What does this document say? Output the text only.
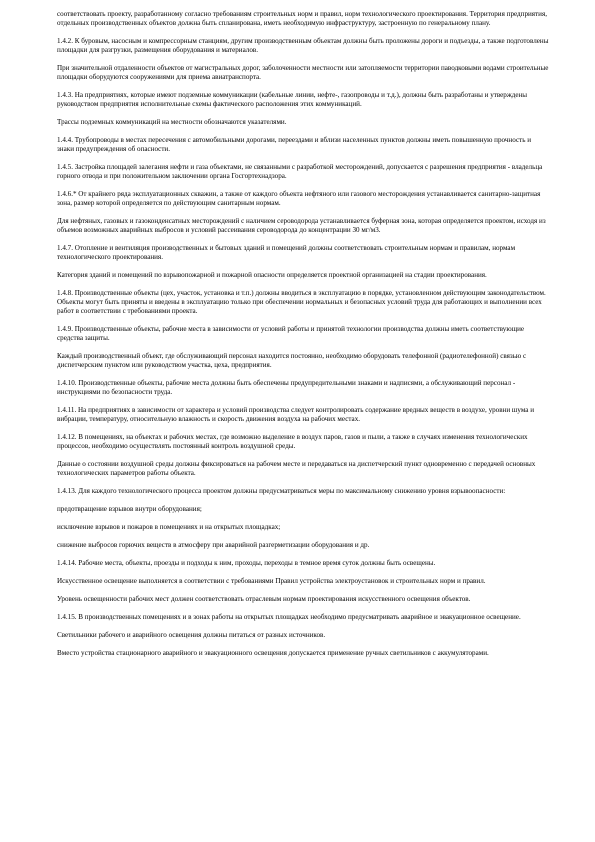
соответствовать проекту, разработанному согласно требованиям строительных норм и правил, норм технологического проектирования. Территория предприятия, отдельных производственных объектов должна быть спланирована, иметь необходимую инфраструктуру, застроенную по генеральному плану.

1.4.2. К буровым, насосным и компрессорным станциям, другим производственным объектам должны быть проложены дороги и подъезды, а также подготовлены площадки для разгрузки, размещения оборудования и материалов.

При значительной отдаленности объектов от магистральных дорог, заболоченности местности или затопляемости территории паводковыми водами строительные площадки оборудуются сооружениями для приема авиатранспорта.

1.4.3. На предприятиях, которые имеют подземные коммуникации (кабельные линии, нефте-, газопроводы и т.д.), должны быть разработаны и утверждены руководством предприятия исполнительные схемы фактического расположения этих коммуникаций.

Трассы подземных коммуникаций на местности обозначаются указателями.

1.4.4. Трубопроводы в местах пересечения с автомобильными дорогами, переездами и вблизи населенных пунктов должны иметь повышенную прочность и знаки предупреждения об опасности.

1.4.5. Застройка площадей залегания нефти и газа объектами, не связанными с разработкой месторождений, допускается с разрешения предприятия - владельца горного отвода и при положительном заключении органа Госгортехнадзора.

1.4.6.* От крайнего ряда эксплуатационных скважин, а также от каждого объекта нефтяного или газового месторождения устанавливается санитарно-защитная зона, размер которой определяется по действующим санитарным нормам.

Для нефтяных, газовых и газоконденсатных месторождений с наличием сероводорода устанавливается буферная зона, которая определяется проектом, исходя из объемов возможных аварийных выбросов и условий рассеивания сероводорода до концентрации 30 мг/м3.

1.4.7. Отопление и вентиляция производственных и бытовых зданий и помещений должны соответствовать строительным нормам и правилам, нормам технологического проектирования.

Категория зданий и помещений по взрывопожарной и пожарной опасности определяется проектной организацией на стадии проектирования.

1.4.8. Производственные объекты (цех, участок, установка и т.п.) должны вводиться в эксплуатацию в порядке, установленном действующим законодательством. Объекты могут быть приняты и введены в эксплуатацию только при обеспечении нормальных и безопасных условий труда для работающих и выполнении всех работ в соответствии с требованиями проекта.

1.4.9. Производственные объекты, рабочие места в зависимости от условий работы и принятой технологии производства должны иметь соответствующие средства защиты.

Каждый производственный объект, где обслуживающий персонал находится постоянно, необходимо оборудовать телефонной (радиотелефонной) связью с диспетчерским пунктом или руководством участка, цеха, предприятия.

1.4.10. Производственные объекты, рабочие места должны быть обеспечены предупредительными знаками и надписями, а обслуживающий персонал - инструкциями по безопасности труда.

1.4.11. На предприятиях в зависимости от характера и условий производства следует контролировать содержание вредных веществ в воздухе, уровни шума и вибрации, температуру, относительную влажность и скорость движения воздуха на рабочих местах.

1.4.12. В помещениях, на объектах и рабочих местах, где возможно выделение в воздух паров, газов и пыли, а также в случаях изменения технологических процессов, необходимо осуществлять постоянный контроль воздушной среды.

Данные о состоянии воздушной среды должны фиксироваться на рабочем месте и передаваться на диспетчерский пункт одновременно с передачей основных технологических параметров работы объекта.

1.4.13. Для каждого технологического процесса проектом должны предусматриваться меры по максимальному снижению уровня взрывоопасности:

предотвращение взрывов внутри оборудования;

исключение взрывов и пожаров в помещениях и на открытых площадках;

снижение выбросов горючих веществ в атмосферу при аварийной разгерметизации оборудования и др.

1.4.14. Рабочие места, объекты, проезды и подходы к ним, проходы, переходы в темное время суток должны быть освещены.

Искусственное освещение выполняется в соответствии с требованиями Правил устройства электроустановок и строительных норм и правил.

Уровень освещенности рабочих мест должен соответствовать отраслевым нормам проектирования искусственного освещения объектов.

1.4.15. В производственных помещениях и в зонах работы на открытых площадках необходимо предусматривать аварийное и эвакуационное освещение.

Светильники рабочего и аварийного освещения должны питаться от разных источников.

Вместо устройства стационарного аварийного и эвакуационного освещения допускается применение ручных светильников с аккумуляторами.
